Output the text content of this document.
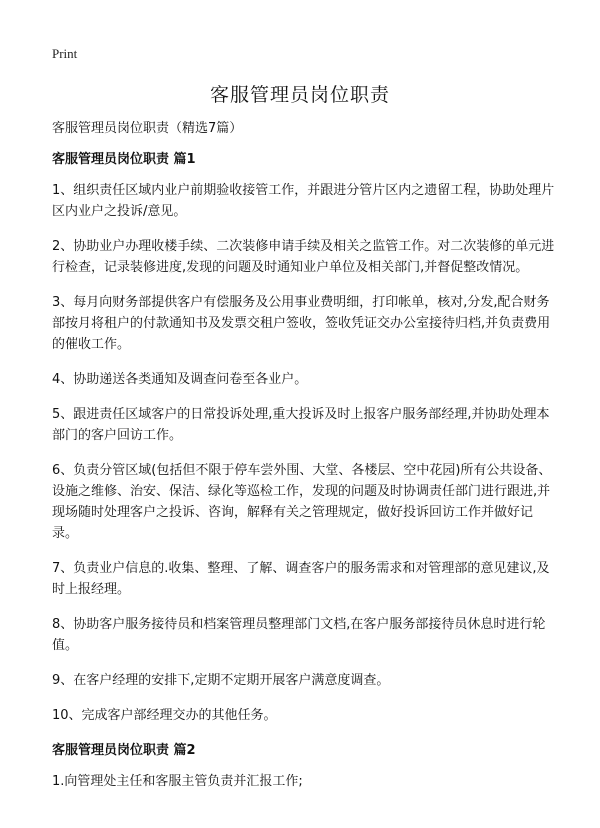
Print
客服管理员岗位职责
客服管理员岗位职责（精选7篇）
客服管理员岗位职责 篇1
1、组织责任区域内业户前期验收接管工作，并跟进分管片区内之遗留工程，协助处理片区内业户之投诉/意见。
2、协助业户办理收楼手续、二次装修申请手续及相关之监管工作。对二次装修的单元进行检查，记录装修进度,发现的问题及时通知业户单位及相关部门,并督促整改情况。
3、每月向财务部提供客户有偿服务及公用事业费明细，打印帐单，核对,分发,配合财务部按月将租户的付款通知书及发票交租户签收，签收凭证交办公室接待归档,并负责费用的催收工作。
4、协助递送各类通知及调查问卷至各业户。
5、跟进责任区域客户的日常投诉处理,重大投诉及时上报客户服务部经理,并协助处理本部门的客户回访工作。
6、负责分管区域(包括但不限于停车尝外围、大堂、各楼层、空中花园)所有公共设备、设施之维修、治安、保洁、绿化等巡检工作，发现的问题及时协调责任部门进行跟进,并现场随时处理客户之投诉、咨询，解释有关之管理规定，做好投诉回访工作并做好记录。
7、负责业户信息的.收集、整理、了解、调查客户的服务需求和对管理部的意见建议,及时上报经理。
8、协助客户服务接待员和档案管理员整理部门文档,在客户服务部接待员休息时进行轮值。
9、在客户经理的安排下,定期不定期开展客户满意度调查。
10、完成客户部经理交办的其他任务。
客服管理员岗位职责 篇2
1.向管理处主任和客服主管负责并汇报工作;
